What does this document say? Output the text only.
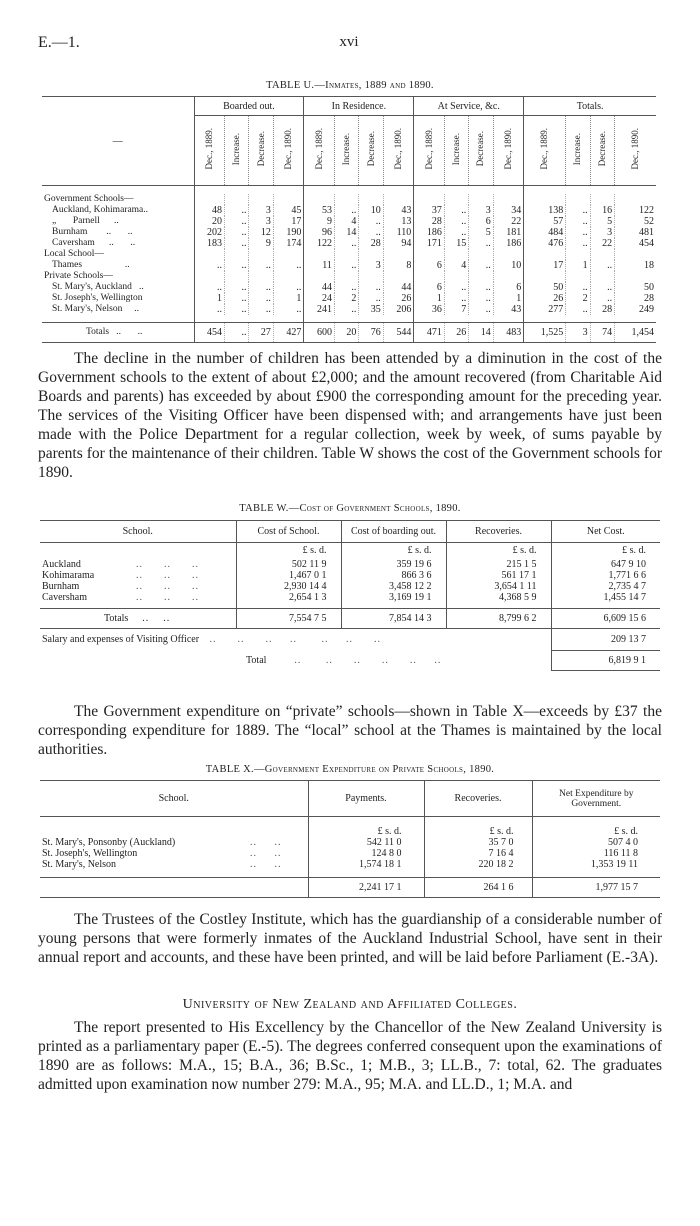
E.—1.	xvi
TABLE U.—Inmates, 1889 and 1890.
—	Boarded out.				In Residence.				At Service, &c.				Totals.			
	Dec., 1889.	Increase.	Decrease.	Dec., 1890.	Dec., 1889.	Increase.	Decrease.	Dec., 1890.	Dec., 1889.	Increase.	Decrease.	Dec., 1890.	Dec., 1889.	Increase.	Decrease.	Dec., 1890.

Government Schools—																
Auckland, Kohimarama..	48	..	3	45	53	..	10	43	37	..	3	34	138	..	16	122
„       Parnell      ..	20	..	3	17	9	4	..	13	28	..	6	22	57	..	5	52
Burnham        ..       ..	202	..	12	190	96	14	..	110	186	..	5	181	484	..	3	481
Caversham      ..       ..	183	..	9	174	122	..	28	94	171	15	..	186	476	..	22	454
Local School—																
Thames                  ..	..	..	..	..	11	..	3	8	6	4	..	10	17	1	..	18
Private Schools—																
St. Mary's, Auckland   ..	..	..	..	..	44	..	..	44	6	..	..	6	50	..	..	50
St. Joseph's, Wellington	1	..	..	1	24	2	..	26	1	..	..	1	26	2	..	28
St. Mary's, Nelson     ..	..	..	..	..	241	..	35	206	36	7	..	43	277	..	28	249

Totals   ..       ..	454	..	27	427	600	20	76	544	471	26	14	483	1,525	3	74	1,454

The decline in the number of children has been attended by a diminution in the cost of the Government schools to the extent of about £2,000; and the amount recovered (from Charitable Aid Boards and parents) has exceeded by about £900 the corresponding amount for the preceding year. The services of the Visiting Officer have been dispensed with; and arrangements have just been made with the Police Department for a regular collection, week by week, of sums payable by parents for the maintenance of their children. Table W shows the cost of the Government schools for 1890.

TABLE W.—Cost of Government Schools, 1890.
School.	Cost of School.	Cost of boarding out.	Recoveries.	Net Cost.
	£ s. d.	£ s. d.	£ s. d.	£ s. d.
Auckland ..      ..      ..	502 11 9	359 19 6	215 1 5	647 9 10
Kohimarama ..      ..      ..	1,467 0 1	866 3 6	561 17 1	1,771 6 6
Burnham ..      ..      ..	2,930 14 4	3,458 12 2	3,654 1 11	2,735 4 7
Caversham ..      ..      ..	2,654 1 3	3,169 19 1	4,368 5 9	1,455 14 7

Totals    ..    ..	7,554 7 5	7,854 14 3	8,799 6 2	6,609 15 6
Salary and expenses of Visiting Officer   ..      ..      ..     ..       ..     ..      ..				209 13 7
Total        ..       ..      ..      ..      ..     ..				6,819 9 1

The Government expenditure on “private” schools—shown in Table X—exceeds by £37 the corresponding expenditure for 1889. The “local” school at the Thames is maintained by the local authorities.

TABLE X.—Government Expenditure on Private Schools, 1890.
School.	Payments.	Recoveries.	Net Expenditure by Government.
	£ s. d.	£ s. d.	£ s. d.
St. Mary's, Ponsonby (Auckland) ..     ..	542 11 0	35 7 0	507 4 0
St. Joseph's, Wellington ..     ..	124 8 0	7 16 4	116 11 8
St. Mary's, Nelson ..     ..	1,574 18 1	220 18 2	1,353 19 11

	2,241 17 1	264 1 6	1,977 15 7

The Trustees of the Costley Institute, which has the guardianship of a considerable number of young persons that were formerly inmates of the Auckland Industrial School, have sent in their annual report and accounts, and these have been printed, and will be laid before Parliament (E.-3A).

University of New Zealand and Affiliated Colleges.

The report presented to His Excellency by the Chancellor of the New Zealand University is printed as a parliamentary paper (E.-5). The degrees conferred consequent upon the examinations of 1890 are as follows: M.A., 15; B.A., 36; B.Sc., 1; M.B., 3; LL.B., 7: total, 62. The graduates admitted upon examination now number 279: M.A., 95; M.A. and LL.D., 1; M.A. and
